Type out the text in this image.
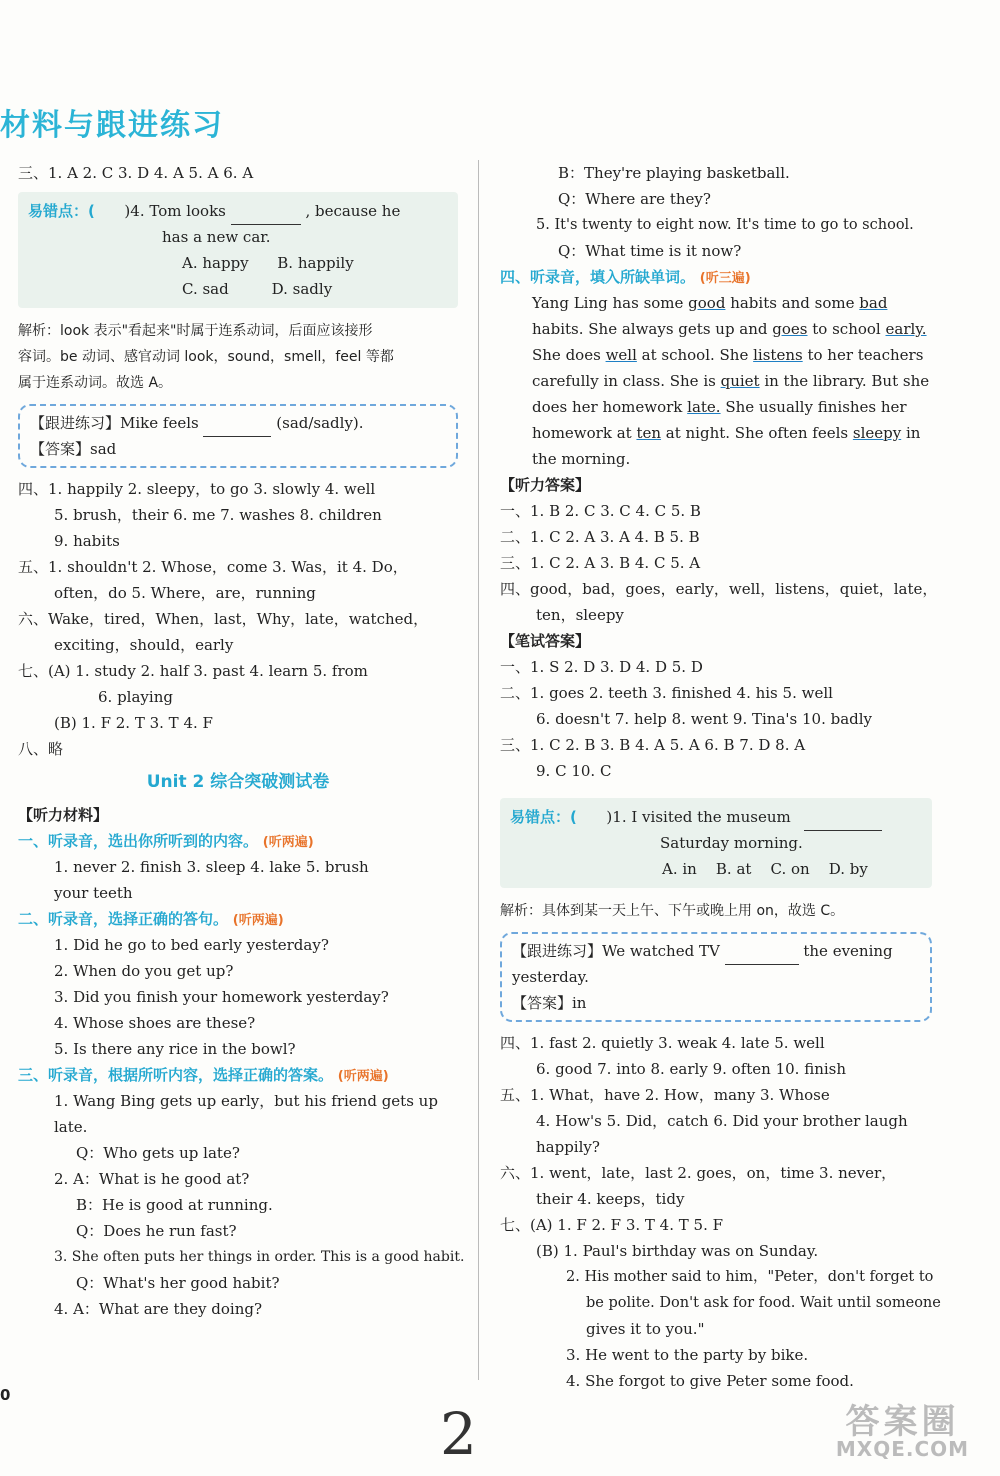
材料与跟进练习
三、1. A 2. C 3. D 4. A 5. A 6. A
易错点：( )4. Tom looks	, because he
has a new car.
A. happy      B. happily
C. sad         D. sadly
解析：look 表示"看起来"时属于连系动词，后面应该接形
容词。be 动词、感官动词 look，sound，smell，feel 等都
属于连系动词。故选 A。
【跟进练习】Mike feels	(sad/sadly).
【答案】sad
四、1. happily 2. sleepy，to go 3. slowly 4. well
5. brush，their 6. me 7. washes 8. children
9. habits
五、1. shouldn't 2. Whose，come 3. Was，it 4. Do，
often，do 5. Where，are，running
六、Wake，tired，When，last，Why，late，watched，
exciting，should，early
七、(A) 1. study 2. half 3. past 4. learn 5. from
6. playing
(B) 1. F 2. T 3. T 4. F
八、略
Unit 2 综合突破测试卷
【听力材料】
一、听录音，选出你所听到的内容。 (听两遍)
1. never 2. finish 3. sleep 4. lake 5. brush
your teeth
二、听录音，选择正确的答句。 (听两遍)
1. Did he go to bed early yesterday?
2. When do you get up?
3. Did you finish your homework yesterday?
4. Whose shoes are these?
5. Is there any rice in the bowl?
三、听录音，根据所听内容，选择正确的答案。 (听两遍)
1. Wang Bing gets up early，but his friend gets up
late.
Q：Who gets up late?
2. A：What is he good at?
B：He is good at running.
Q：Does he run fast?
3. She often puts her things in order. This is a good habit.
Q：What's her good habit?
4. A：What are they doing?
B：They're playing basketball.
Q：Where are they?
5. It's twenty to eight now. It's time to go to school.
Q：What time is it now?
四、听录音，填入所缺单词。 (听三遍)
Yang Ling has some good habits and some bad
habits. She always gets up and goes to school early.
She does well at school. She listens to her teachers
carefully in class. She is quiet in the library. But she
does her homework late. She usually finishes her
homework at ten at night. She often feels sleepy in
the morning.
【听力答案】
一、1. B 2. C 3. C 4. C 5. B
二、1. C 2. A 3. A 4. B 5. B
三、1. C 2. A 3. B 4. C 5. A
四、good，bad，goes，early，well，listens，quiet，late，
ten，sleepy
【笔试答案】
一、1. S 2. D 3. D 4. D 5. D
二、1. goes 2. teeth 3. finished 4. his 5. well
6. doesn't 7. help 8. went 9. Tina's 10. badly
三、1. C 2. B 3. B 4. A 5. A 6. B 7. D 8. A
9. C 10. C
易错点：( )1. I visited the museum
Saturday morning.
A. in    B. at    C. on    D. by
解析：具体到某一天上午、下午或晚上用 on，故选 C。
【跟进练习】We watched TV	the evening
yesterday.
【答案】in
四、1. fast 2. quietly 3. weak 4. late 5. well
6. good 7. into 8. early 9. often 10. finish
五、1. What，have 2. How，many 3. Whose
4. How's 5. Did，catch 6. Did your brother laugh
happily?
六、1. went，late，last 2. goes，on，time 3. never，
their 4. keeps，tidy
七、(A) 1. F 2. F 3. T 4. T 5. F
(B) 1. Paul's birthday was on Sunday.
2. His mother said to him，"Peter，don't forget to
be polite. Don't ask for food. Wait until someone
gives it to you."
3. He went to the party by bike.
4. She forgot to give Peter some food.
0
2	答案圈
MXQE.COM
